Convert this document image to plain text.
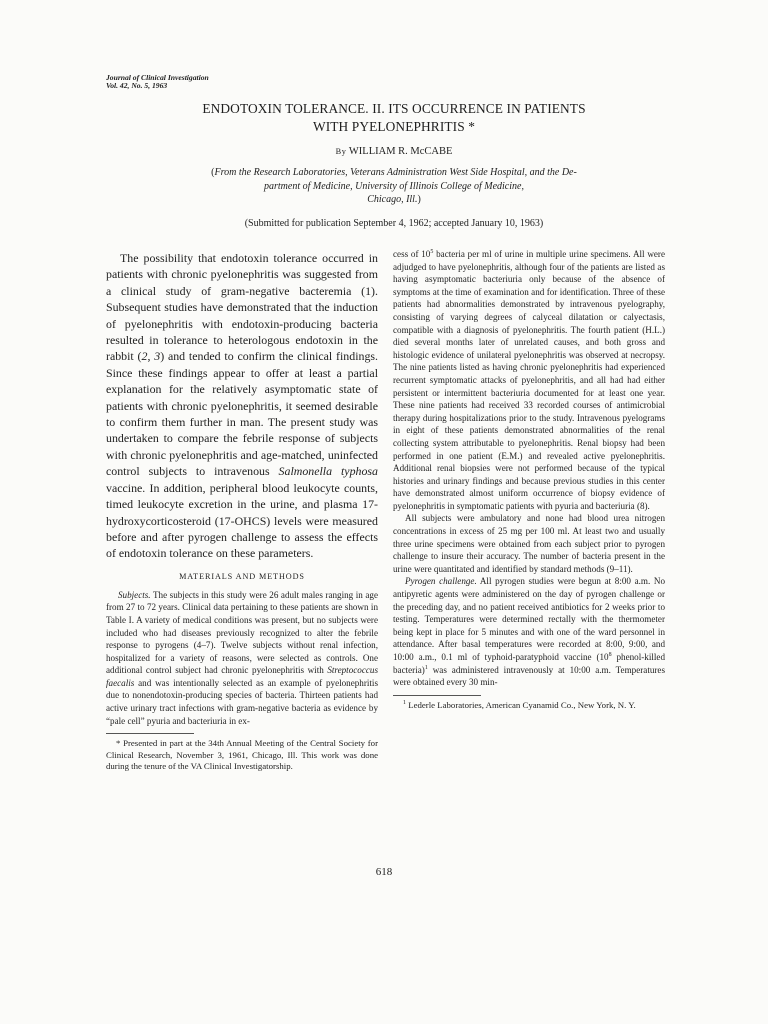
Journal of Clinical Investigation
Vol. 42, No. 5, 1963
ENDOTOXIN TOLERANCE. II. ITS OCCURRENCE IN PATIENTS
WITH PYELONEPHRITIS *
By WILLIAM R. McCABE
(From the Research Laboratories, Veterans Administration West Side Hospital, and the De-
partment of Medicine, University of Illinois College of Medicine,
Chicago, Ill.)
(Submitted for publication September 4, 1962; accepted January 10, 1963)

The possibility that endotoxin tolerance occurred in patients with chronic pyelonephritis was suggested from a clinical study of gram-negative bacteremia (1). Subsequent studies have demonstrated that the induction of pyelonephritis with endotoxin-producing bacteria resulted in tolerance to heterologous endotoxin in the rabbit (2, 3) and tended to confirm the clinical findings. Since these findings appear to offer at least a partial explanation for the relatively asymptomatic state of patients with chronic pyelonephritis, it seemed desirable to confirm them further in man. The present study was undertaken to compare the febrile response of subjects with chronic pyelonephritis and age-matched, uninfected control subjects to intravenous Salmonella typhosa vaccine. In addition, peripheral blood leukocyte counts, timed leukocyte excretion in the urine, and plasma 17-hydroxycorticosteroid (17-OHCS) levels were measured before and after pyrogen challenge to assess the effects of endotoxin tolerance on these parameters.

MATERIALS AND METHODS

Subjects. The subjects in this study were 26 adult males ranging in age from 27 to 72 years. Clinical data pertaining to these patients are shown in Table I. A variety of medical conditions was present, but no subjects were included who had diseases previously recognized to alter the febrile response to pyrogens (4–7). Twelve subjects without renal infection, hospitalized for a variety of reasons, were selected as controls. One additional control subject had chronic pyelonephritis with Streptococcus faecalis and was intentionally selected as an example of pyelonephritis due to nonendotoxin-producing species of bacteria. Thirteen patients had active urinary tract infections with gram-negative bacteria as evidence by “pale cell” pyuria and bacteriuria in ex-

* Presented in part at the 34th Annual Meeting of the Central Society for Clinical Research, November 3, 1961, Chicago, Ill. This work was done during the tenure of the VA Clinical Investigatorship.

cess of $10^5$ bacteria per ml of urine in multiple urine specimens. All were adjudged to have pyelonephritis, although four of the patients are listed as having asymptomatic bacteriuria only because of the absence of symptoms at the time of examination and for identification. Three of these patients had abnormalities demonstrated by intravenous pyelography, consisting of varying degrees of calyceal dilatation or calyectasis, compatible with a diagnosis of pyelonephritis. The fourth patient (H.L.) died several months later of unrelated causes, and both gross and histologic evidence of unilateral pyelonephritis was observed at necropsy. The nine patients listed as having chronic pyelonephritis had experienced recurrent symptomatic attacks of pyelonephritis, and all had had either persistent or intermittent bacteriuria documented for at least one year. These nine patients had received 33 recorded courses of antimicrobial therapy during hospitalizations prior to the study. Intravenous pyelograms in eight of these patients demonstrated abnormalities of the renal collecting system attributable to pyelonephritis. Renal biopsy had been performed in one patient (E.M.) and revealed active pyelonephritis. Additional renal biopsies were not performed because of the typical histories and urinary findings and because previous studies in this center have demonstrated almost uniform occurrence of biopsy evidence of pyelonephritis in symptomatic patients with pyuria and bacteriuria (8).

All subjects were ambulatory and none had blood urea nitrogen concentrations in excess of 25 mg per 100 ml. At least two and usually three urine specimens were obtained from each subject prior to pyrogen challenge to insure their accuracy. The number of bacteria present in the urine were quantitated and identified by standard methods (9–11).

Pyrogen challenge. All pyrogen studies were begun at 8:00 a.m. No antipyretic agents were administered on the day of pyrogen challenge or the preceding day, and no patient received antibiotics for 2 weeks prior to testing. Temperatures were determined rectally with the thermometer being kept in place for 5 minutes and with one of the ward personnel in attendance. After basal temperatures were recorded at 8:00, 9:00, and 10:00 a.m., 0.1 ml of typhoid-paratyphoid vaccine ($10^8$ phenol-killed bacteria)$^1$ was administered intravenously at 10:00 a.m. Temperatures were obtained every 30 min-

$^1$ Lederle Laboratories, American Cyanamid Co., New York, N. Y.

618
